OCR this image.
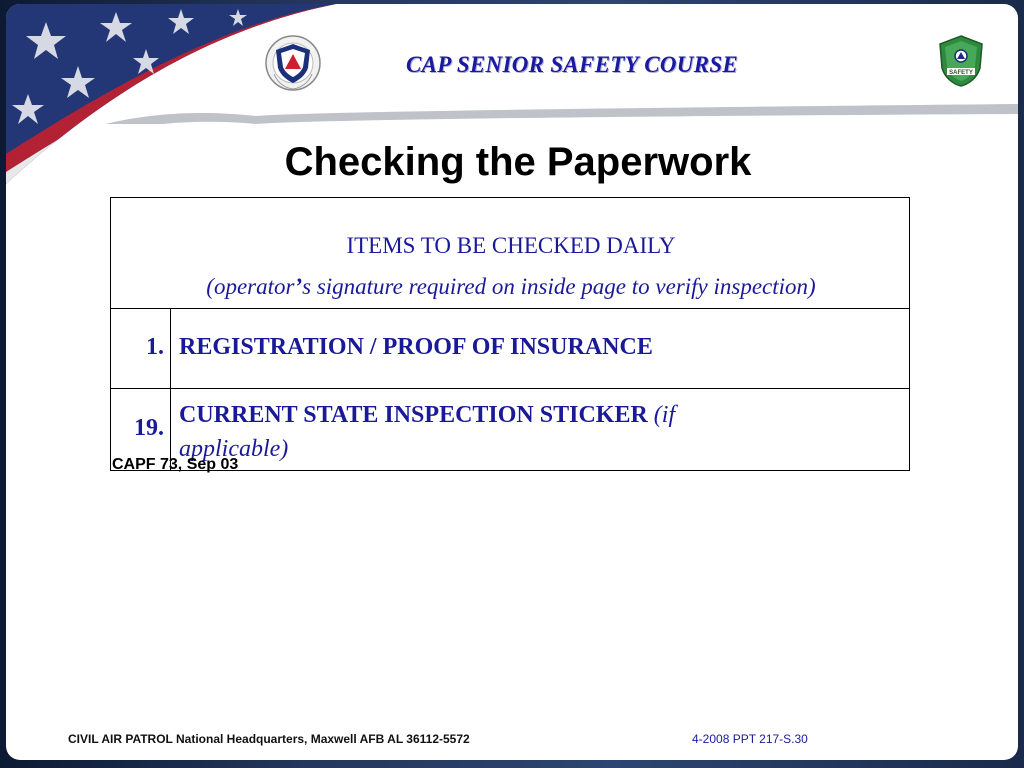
SAFETY
CAP SENIOR SAFETY COURSE
Checking the Paperwork
ITEMS TO BE CHECKED DAILY
(operator’s signature required on inside page to verify inspection)
1. REGISTRATION / PROOF OF INSURANCE
19. CURRENT STATE INSPECTION STICKER (if applicable)
CAPF 73, Sep 03
CIVIL AIR PATROL National Headquarters, Maxwell AFB AL 36112-5572	4-2008 PPT 217-S.30
